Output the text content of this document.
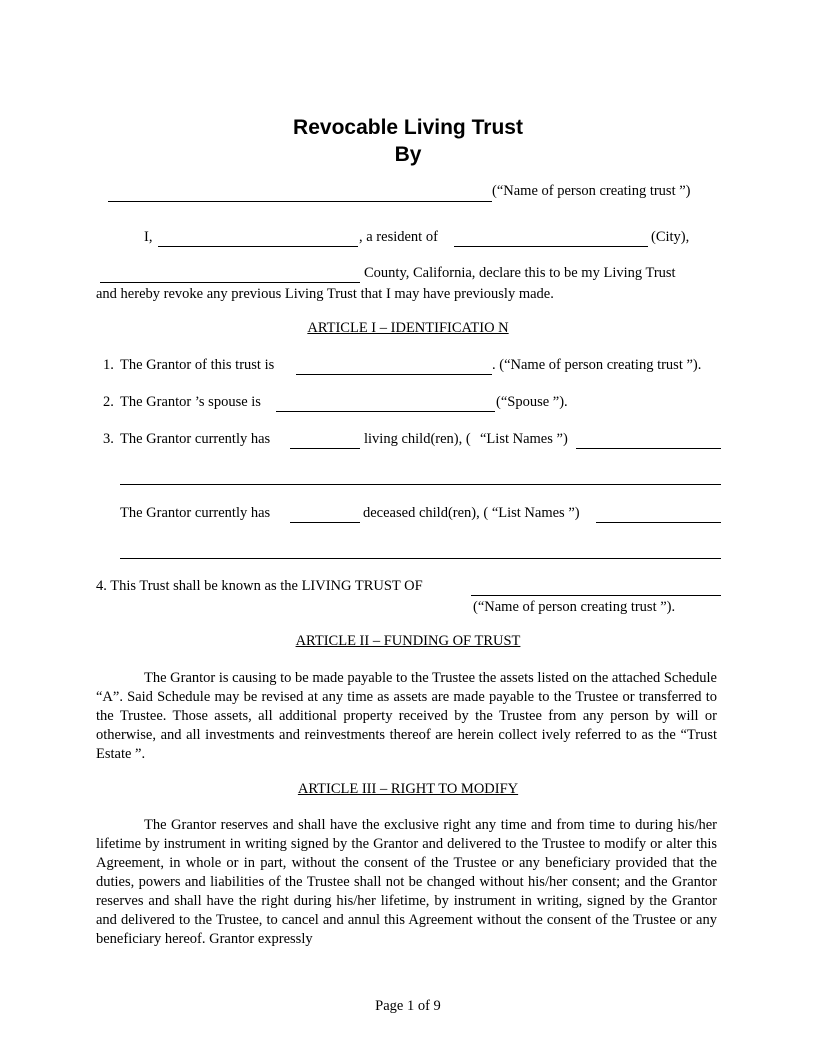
Revocable Living Trust
By
(“Name of person creating trust ”)
I,	, a resident of	(City),
County, California, declare this to be my Living Trust
and hereby revoke any previous Living Trust that I may have previously made.
ARTICLE I – IDENTIFICATIO N
1. The Grantor of this trust is	. (“Name of person creating trust ”).
2. The Grantor ’s spouse is	(“Spouse ”).
3. The Grantor currently has	living child(ren), ( “List Names ”)
The Grantor currently has	deceased child(ren), ( “List Names ”)
4. This Trust shall be known as the LIVING TRUST OF
(“Name of person creating trust ”).
ARTICLE II – FUNDING OF TRUST
The Grantor is causing to be made payable to the Trustee the assets listed on the attached Schedule “A”. Said Schedule may be revised at any time as assets are made payable to the Trustee or transferred to the Trustee. Those assets, all additional property received by the Trustee from any person by will or otherwise, and all investments and reinvestments thereof are herein collect ively referred to as the “Trust Estate ”.
ARTICLE III – RIGHT TO MODIFY
The Grantor reserves and shall have the exclusive right any time and from time to during his/her lifetime by instrument in writing signed by the Grantor and delivered to the Trustee to modify or alter this Agreement, in whole or in part, without the consent of the Trustee or any beneficiary provided that the duties, powers and liabilities of the Trustee shall not be changed without his/her consent; and the Grantor reserves and shall have the right during his/her lifetime, by instrument in writing, signed by the Grantor and delivered to the Trustee, to cancel and annul this Agreement without the consent of the Trustee or any beneficiary hereof. Grantor expressly
Page 1 of 9
